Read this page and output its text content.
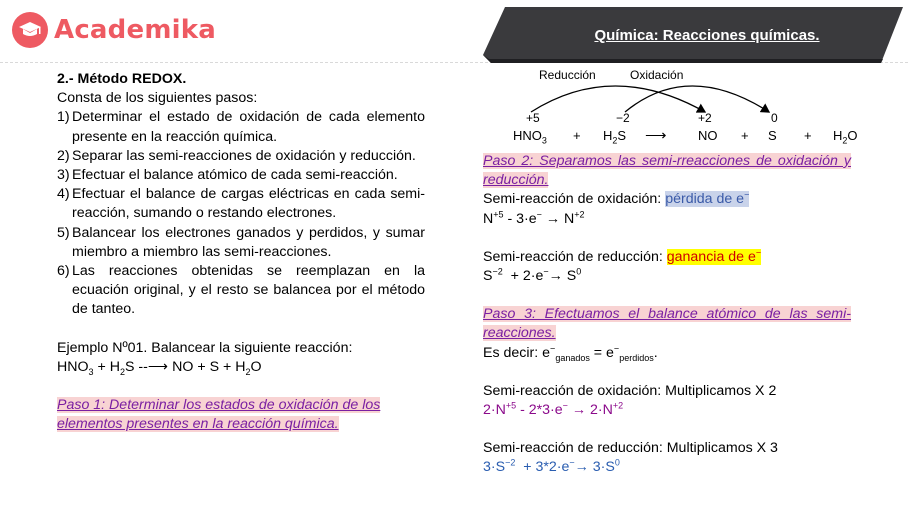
Academika	Química: Reacciones químicas.

2.- Método REDOX.

Consta de los siguientes pasos:

1) Determinar el estado de oxidación de cada elemento presente en la reacción química.
2) Separar las semi-reacciones de oxidación y reducción.
3) Efectuar el balance atómico de cada semi-reacción.
4) Efectuar el balance de cargas eléctricas en cada semi-reacción, sumando o restando electrones.
5) Balancear los electrones ganados y perdidos, y sumar miembro a miembro las semi-reacciones.
6) Las reacciones obtenidas se reemplazan en la ecuación original, y el resto se balancea por el método de tanteo.

Ejemplo Nº01. Balancear la siguiente reacción:

$HNO_3 + H_2S$ --⟶ NO + $S + H_2O$

Paso 1: Determinar los estados de oxidación de los elementos presentes en la reacción química.

Reducción	Oxidación
+5	−2	+2	0
$HNO_3 + H_2S$ ⟶ NO + $S + H_2O$

Paso 2: Separamos las semi-rreacciones de oxidación y reducción.

Semi-reacción de oxidación: pérdida de e−

$N^{+5} - 3\cdot e^- \to N^{+2}$

Semi-reacción de reducción: ganancia de e−

$S^{-2} + 2\cdot e^-\to S^0$

Paso 3: Efectuamos el balance atómico de las semi-reacciones.

Es decir: $e^-_{ganados} = e^-_{perdidos}$.

Semi-reacción de oxidación: Multiplicamos X 2

$2\cdot N^{+5} - 2*3\cdot e^- \to 2\cdot N^{+2}$

Semi-reacción de reducción: Multiplicamos X 3

$3\cdot S^{-2} + 3*2\cdot e^-\to 3\cdot S^0$
